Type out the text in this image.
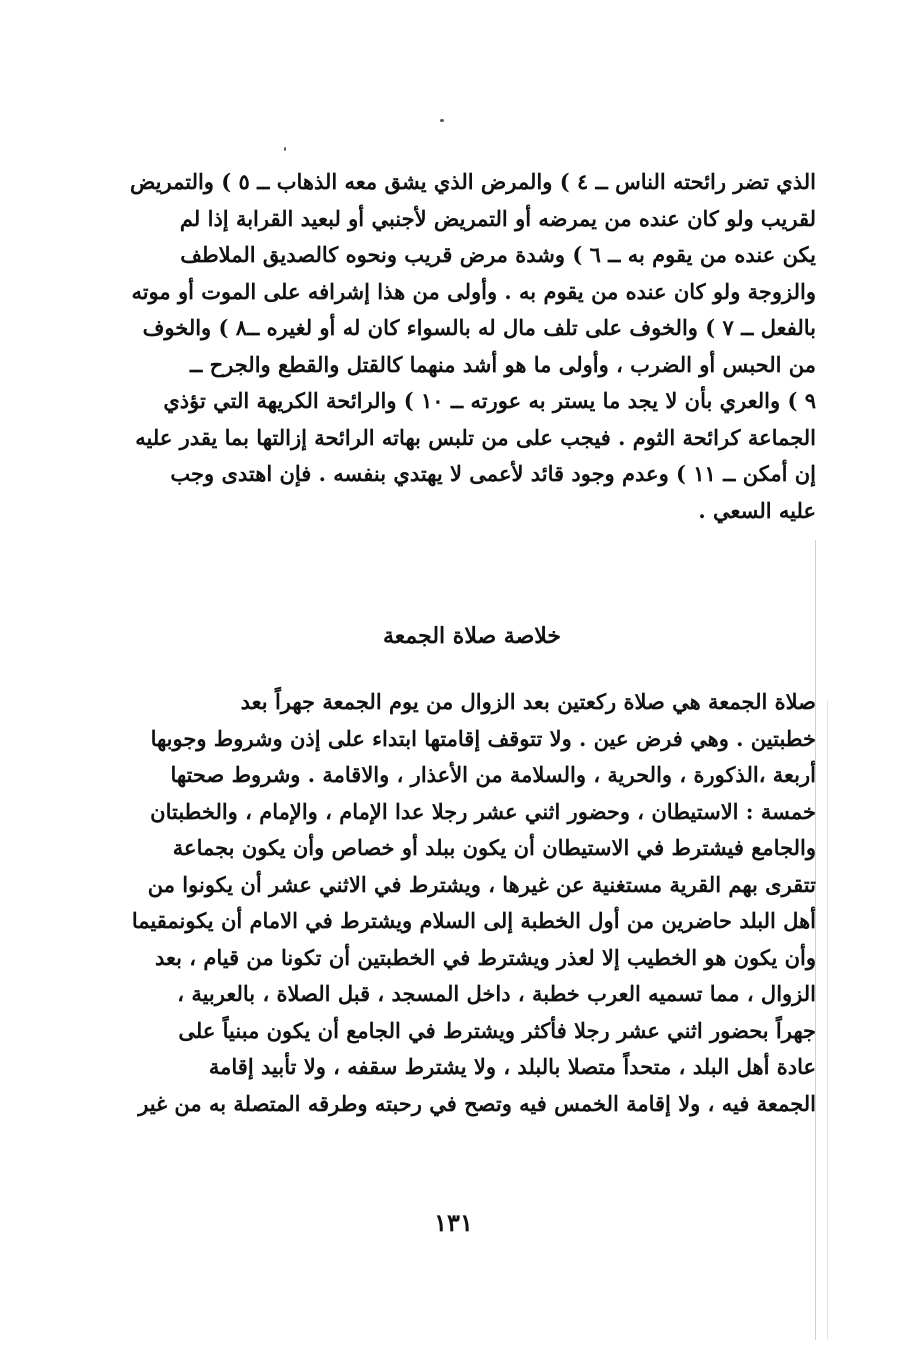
الذي تضر رائحته الناس ــ ٤ ) والمرض الذي يشق معه الذهاب ــ ٥ ) والتمريض
لقريب ولو كان عنده من يمرضه أو التمريض لأجنبي أو لبعيد القرابة إذا لم
يكن عنده من يقوم به ــ ٦ ) وشدة مرض قريب ونحوه كالصديق الملاطف
والزوجة ولو كان عنده من يقوم به . وأولى من هذا إشرافه على الموت أو موته
بالفعل ــ ٧ ) والخوف على تلف مال له بالسواء كان له أو لغيره ــ٨ ) والخوف
من الحبس أو الضرب ، وأولى ما هو أشد منهما كالقتل والقطع والجرح ــ
٩ ) والعري بأن لا يجد ما يستر به عورته ــ ١٠ ) والرائحة الكريهة التي تؤذي
الجماعة كرائحة الثوم . فيجب على من تلبس بهاته الرائحة إزالتها بما يقدر عليه
إن أمكن ــ ١١ ) وعدم وجود قائد لأعمى لا يهتدي بنفسه . فإن اهتدى وجب
عليه السعي .
خلاصة صلاة الجمعة
صلاة الجمعة هي صلاة ركعتين بعد الزوال من يوم الجمعة جهراً بعد
خطبتين . وهي فرض عين . ولا تتوقف إقامتها ابتداء على إذن وشروط وجوبها
أربعة ،الذكورة ، والحرية ، والسلامة من الأعذار ، والاقامة . وشروط صحتها
خمسة : الاستيطان ، وحضور اثني عشر رجلا عدا الإمام ، والإمام ، والخطبتان
والجامع فيشترط في الاستيطان أن يكون ببلد أو خصاص وأن يكون بجماعة
تتقرى بهم القرية مستغنية عن غيرها ، ويشترط في الاثني عشر أن يكونوا من
أهل البلد حاضرين من أول الخطبة إلى السلام ويشترط في الامام أن يكونمقيما
وأن يكون هو الخطيب إلا لعذر ويشترط في الخطبتين أن تكونا من قيام ، بعد
الزوال ، مما تسميه العرب خطبة ، داخل المسجد ، قبل الصلاة ، بالعربية ،
جهراً بحضور اثني عشر رجلا فأكثر ويشترط في الجامع أن يكون مبنياً على
عادة أهل البلد ، متحداً متصلا بالبلد ، ولا يشترط سقفه ، ولا تأبيد إقامة
الجمعة فيه ، ولا إقامة الخمس فيه وتصح في رحبته وطرقه المتصلة به من غير
١٣١
